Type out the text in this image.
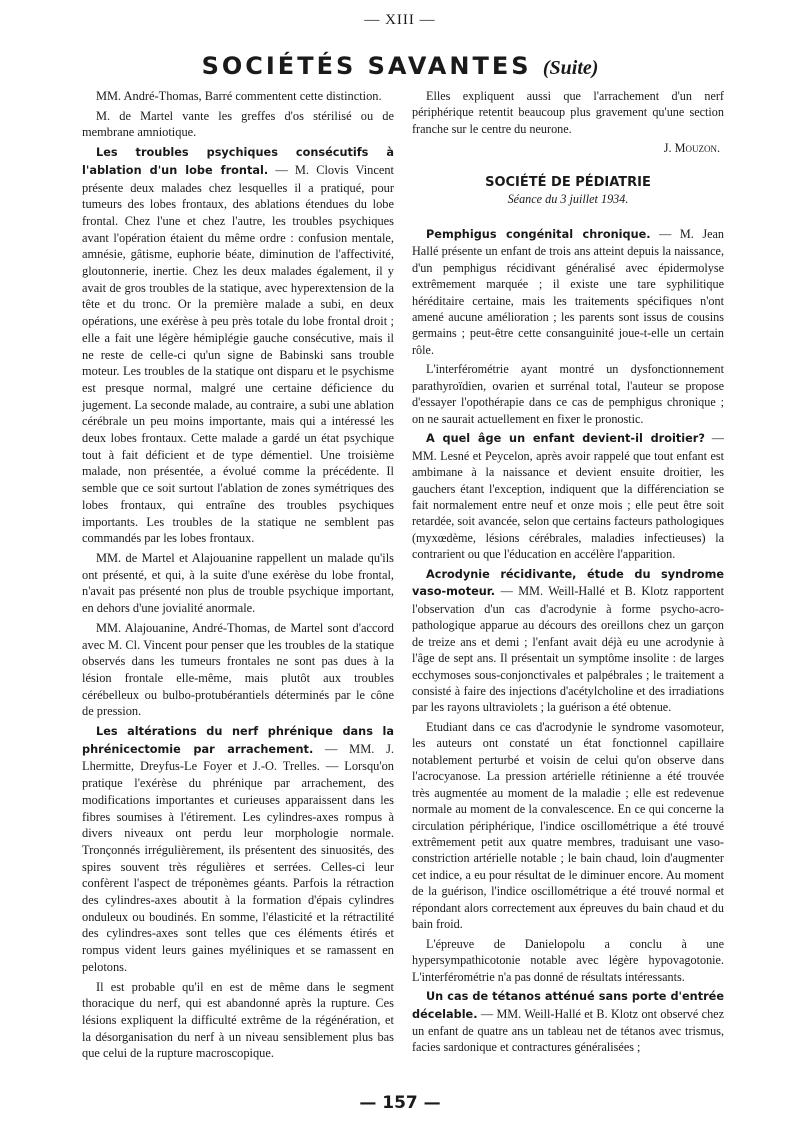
— XIII —
SOCIÉTÉS SAVANTES (Suite)

MM. André-Thomas, Barré commentent cette distinction.

M. de Martel vante les greffes d'os stérilisé ou de membrane amniotique.

Les troubles psychiques consécutifs à l'ablation d'un lobe frontal. — M. Clovis Vincent présente deux malades chez lesquelles il a pratiqué, pour tumeurs des lobes frontaux, des ablations étendues du lobe frontal. Chez l'une et chez l'autre, les troubles psychiques avant l'opération étaient du même ordre : confusion mentale, amnésie, gâtisme, euphorie béate, diminution de l'affectivité, gloutonnerie, inertie. Chez les deux malades également, il y avait de gros troubles de la statique, avec hyperextension de la tête et du tronc. Or la première malade a subi, en deux opérations, une exérèse à peu près totale du lobe frontal droit ; elle a fait une légère hémiplégie gauche consécutive, mais il ne reste de celle-ci qu'un signe de Babinski sans trouble moteur. Les troubles de la statique ont disparu et le psychisme est presque normal, malgré une certaine déficience du jugement. La seconde malade, au contraire, a subi une ablation cérébrale un peu moins importante, mais qui a intéressé les deux lobes frontaux. Cette malade a gardé un état psychique tout à fait déficient et de type démentiel. Une troisième malade, non présentée, a évolué comme la précédente. Il semble que ce soit surtout l'ablation de zones symétriques des lobes frontaux, qui entraîne des troubles psychiques importants. Les troubles de la statique ne semblent pas commandés par les lobes frontaux.

MM. de Martel et Alajouanine rappellent un malade qu'ils ont présenté, et qui, à la suite d'une exérèse du lobe frontal, n'avait pas présenté non plus de trouble psychique important, en dehors d'une jovialité anormale.

MM. Alajouanine, André-Thomas, de Martel sont d'accord avec M. Cl. Vincent pour penser que les troubles de la statique observés dans les tumeurs frontales ne sont pas dues à la lésion frontale elle-même, mais plutôt aux troubles cérébelleux ou bulbo-protubérantiels déterminés par le cône de pression.

Les altérations du nerf phrénique dans la phrénicectomie par arrachement. — MM. J. Lhermitte, Dreyfus-Le Foyer et J.-O. Trelles. — Lorsqu'on pratique l'exérèse du phrénique par arrachement, des modifications importantes et curieuses apparaissent dans les fibres soumises à l'étirement. Les cylindres-axes rompus à divers niveaux ont perdu leur morphologie normale. Tronçonnés irrégulièrement, ils présentent des sinuosités, des spires souvent très régulières et serrées. Celles-ci leur confèrent l'aspect de tréponèmes géants. Parfois la rétraction des cylindres-axes aboutit à la formation d'épais cylindres onduleux ou boudinés. En somme, l'élasticité et la rétractilité des cylindres-axes sont telles que ces éléments étirés et rompus vident leurs gaines myéliniques et se ramassent en pelotons.

Il est probable qu'il en est de même dans le segment thoracique du nerf, qui est abandonné après la rupture. Ces lésions expliquent la difficulté extrême de la régénération, et la désorganisation du nerf à un niveau sensiblement plus bas que celui de la rupture macroscopique.

Elles expliquent aussi que l'arrachement d'un nerf périphérique retentit beaucoup plus gravement qu'une section franche sur le centre du neurone.

J. Mouzon.
SOCIÉTÉ DE PÉDIATRIE
Séance du 3 juillet 1934.

Pemphigus congénital chronique. — M. Jean Hallé présente un enfant de trois ans atteint depuis la naissance, d'un pemphigus récidivant généralisé avec épidermolyse extrêmement marquée ; il existe une tare syphilitique héréditaire certaine, mais les traitements spécifiques n'ont amené aucune amélioration ; les parents sont issus de cousins germains ; peut-être cette consanguinité joue-t-elle un certain rôle.

L'interférométrie ayant montré un dysfonctionnement parathyroïdien, ovarien et surrénal total, l'auteur se propose d'essayer l'opothérapie dans ce cas de pemphigus chronique ; on ne saurait actuellement en fixer le pronostic.

A quel âge un enfant devient-il droitier? — MM. Lesné et Peycelon, après avoir rappelé que tout enfant est ambimane à la naissance et devient ensuite droitier, les gauchers étant l'exception, indiquent que la différenciation se fait normalement entre neuf et onze mois ; elle peut être soit retardée, soit avancée, selon que certains facteurs pathologiques (myxœdème, lésions cérébrales, maladies infectieuses) la contrarient ou que l'éducation en accélère l'apparition.

Acrodynie récidivante, étude du syndrome vaso-moteur. — MM. Weill-Hallé et B. Klotz rapportent l'observation d'un cas d'acrodynie à forme psycho-acro-pathologique apparue au décours des oreillons chez un garçon de treize ans et demi ; l'enfant avait déjà eu une acrodynie à l'âge de sept ans. Il présentait un symptôme insolite : de larges ecchymoses sous-conjonctivales et palpébrales ; le traitement a consisté à faire des injections d'acétylcholine et des irradiations par les rayons ultraviolets ; la guérison a été obtenue.

Etudiant dans ce cas d'acrodynie le syndrome vasomoteur, les auteurs ont constaté un état fonctionnel capillaire notablement perturbé et voisin de celui qu'on observe dans l'acrocyanose. La pression artérielle rétinienne a été trouvée très augmentée au moment de la maladie ; elle est redevenue normale au moment de la convalescence. En ce qui concerne la circulation périphérique, l'indice oscillométrique a été trouvé extrêmement petit aux quatre membres, traduisant une vaso-constriction artérielle notable ; le bain chaud, loin d'augmenter cet indice, a eu pour résultat de le diminuer encore. Au moment de la guérison, l'indice oscillométrique a été trouvé normal et répondant alors correctement aux épreuves du bain chaud et du bain froid.

L'épreuve de Danielopolu a conclu à une hypersympathicotonie notable avec légère hypovagotonie. L'interférométrie n'a pas donné de résultats intéressants.

Un cas de tétanos atténué sans porte d'entrée décelable. — MM. Weill-Hallé et B. Klotz ont observé chez un enfant de quatre ans un tableau net de tétanos avec trismus, facies sardonique et contractures généralisées ;

— 157 —
